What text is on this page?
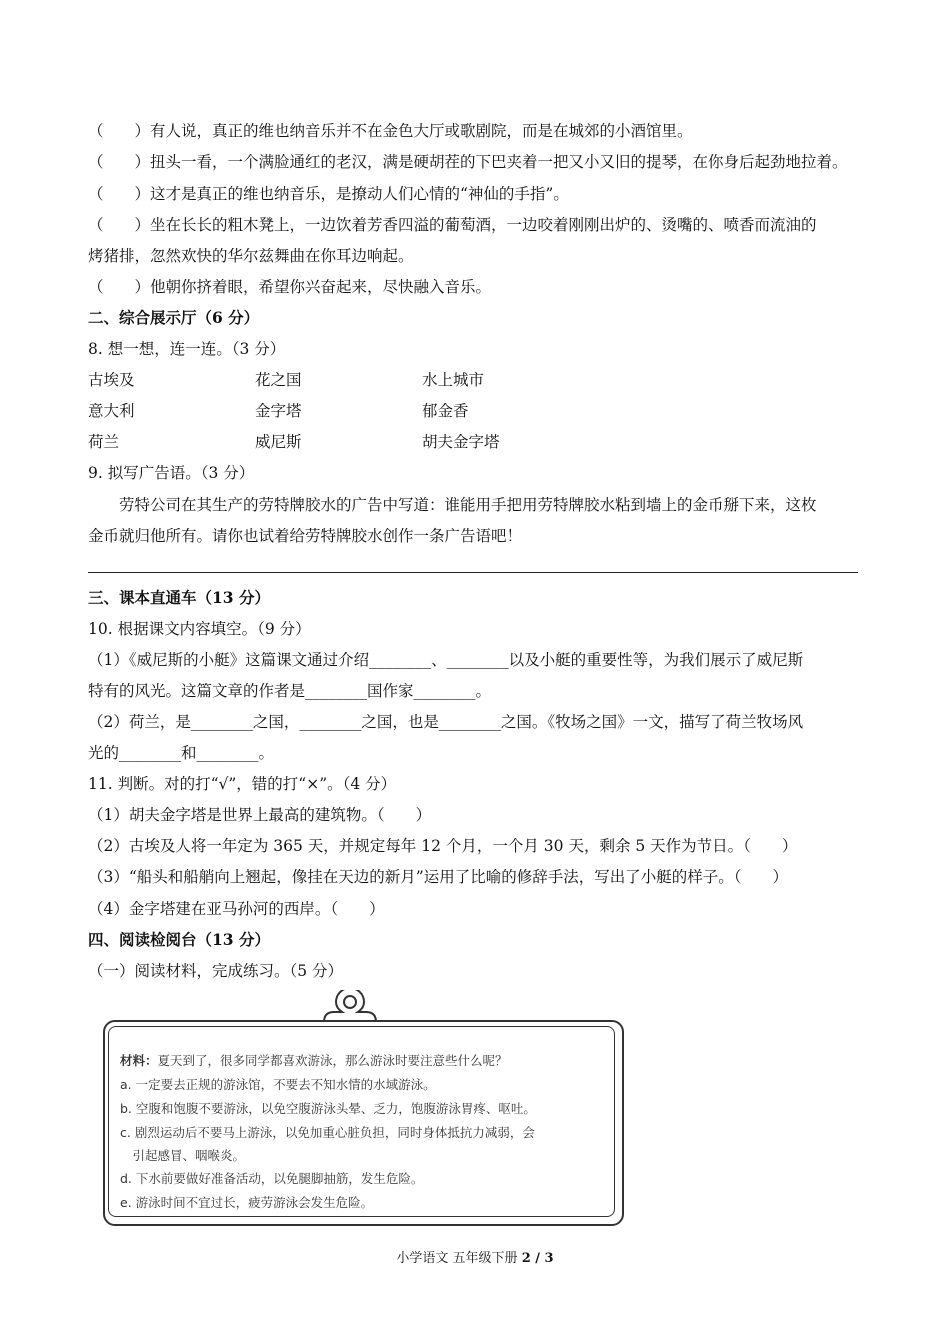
（　　）有人说，真正的维也纳音乐并不在金色大厅或歌剧院，而是在城郊的小酒馆里。
（　　）扭头一看，一个满脸通红的老汉，满是硬胡茬的下巴夹着一把又小又旧的提琴，在你身后起劲地拉着。
（　　）这才是真正的维也纳音乐，是撩动人们心情的“神仙的手指”。
（　　）坐在长长的粗木凳上，一边饮着芳香四溢的葡萄酒，一边咬着刚刚出炉的、烫嘴的、喷香而流油的
烤猪排，忽然欢快的华尔兹舞曲在你耳边响起。
（　　）他朝你挤着眼，希望你兴奋起来，尽快融入音乐。
二、综合展示厅（6 分）
8. 想一想，连一连。（3 分）
古埃及
意大利
荷兰
花之国
金字塔
威尼斯
水上城市
郁金香
胡夫金字塔
9. 拟写广告语。（3 分）
　　劳特公司在其生产的劳特牌胶水的广告中写道：谁能用手把用劳特牌胶水粘到墙上的金币掰下来，这枚
金币就归他所有。请你也试着给劳特牌胶水创作一条广告语吧！
三、课本直通车（13 分）
10. 根据课文内容填空。（9 分）
（1）《威尼斯的小艇》这篇课文通过介绍________、________以及小艇的重要性等，为我们展示了威尼斯
特有的风光。这篇文章的作者是________国作家________。
（2）荷兰，是________之国，________之国，也是________之国。《牧场之国》一文，描写了荷兰牧场风
光的________和________。
11. 判断。对的打“√”，错的打“×”。（4 分）
（1）胡夫金字塔是世界上最高的建筑物。（　　）
（2）古埃及人将一年定为 365 天，并规定每年 12 个月，一个月 30 天，剩余 5 天作为节日。（　　）
（3）“船头和船艄向上翘起，像挂在天边的新月”运用了比喻的修辞手法，写出了小艇的样子。（　　）
（4）金字塔建在亚马孙河的西岸。（　　）
四、阅读检阅台（13 分）
（一）阅读材料，完成练习。（5 分）
材料：夏天到了，很多同学都喜欢游泳，那么游泳时要注意些什么呢？
a. 一定要去正规的游泳馆，不要去不知水情的水域游泳。
b. 空腹和饱腹不要游泳，以免空腹游泳头晕、乏力，饱腹游泳胃疼、呕吐。
c. 剧烈运动后不要马上游泳，以免加重心脏负担，同时身体抵抗力减弱，会
　引起感冒、咽喉炎。
d. 下水前要做好准备活动，以免腿脚抽筋，发生危险。
e. 游泳时间不宜过长，疲劳游泳会发生危险。
小学语文 五年级下册 2 / 3
